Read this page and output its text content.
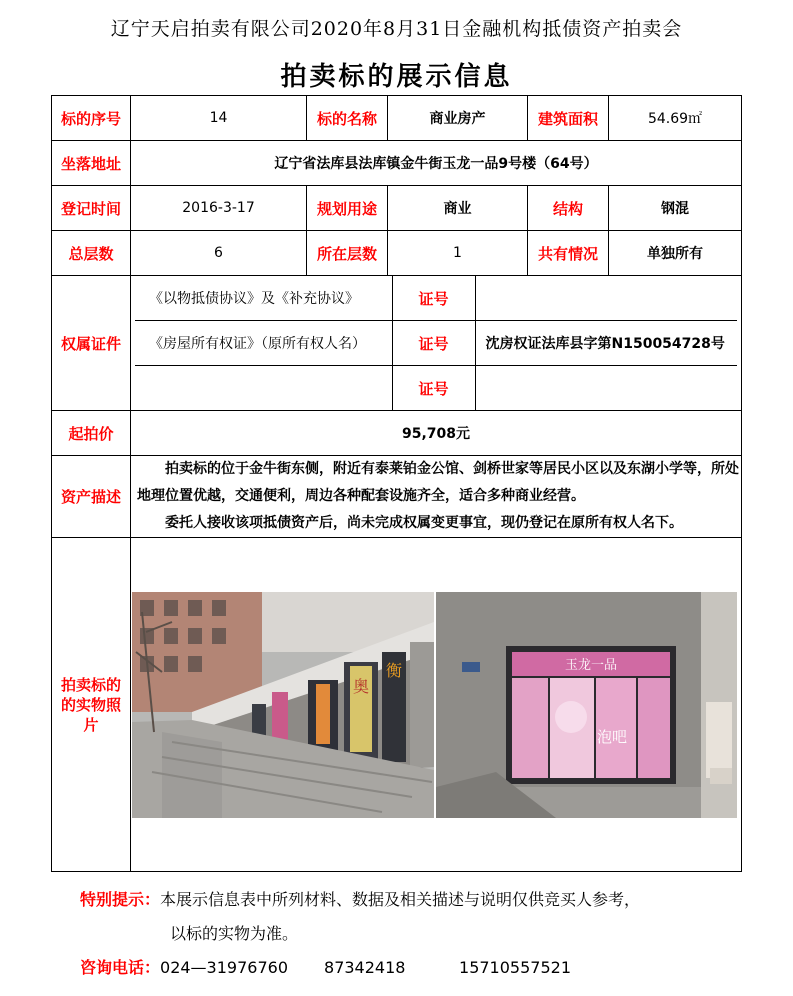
辽宁天启拍卖有限公司2020年8月31日金融机构抵债资产拍卖会
拍卖标的展示信息
标的序号	14	标的名称	商业房产	建筑面积	54.69㎡
坐落地址	辽宁省法库县法库镇金牛街玉龙一品9号楼（64号）
登记时间	2016-3-17	规划用途	商业	结构	钢混
总层数	6	所在层数	1	共有情况	单独所有
权属证件	
《以物抵债协议》及《补充协议》	证号	
《房屋所有权证》（原所有权人名）	证号	沈房权证法库县字第N150054728号
	证号	

起拍价	95,708元
资产描述	

拍卖标的位于金牛街东侧，附近有泰莱铂金公馆、剑桥世家等居民小区以及东湖小学等，所处地理位置优越，交通便利，周边各种配套设施齐全，适合多种商业经营。

委托人接收该项抵债资产后，尚未完成权属变更事宜，现仍登记在原所有权人名下。

拍卖标的的实物照片	
奥
衡	玉龙一品
泡吧
特别提示：本展示信息表中所列材料、数据及相关描述与说明仅供竞买人参考，
以标的实物为准。
咨询电话：024—31976760 87342418	15710557521
